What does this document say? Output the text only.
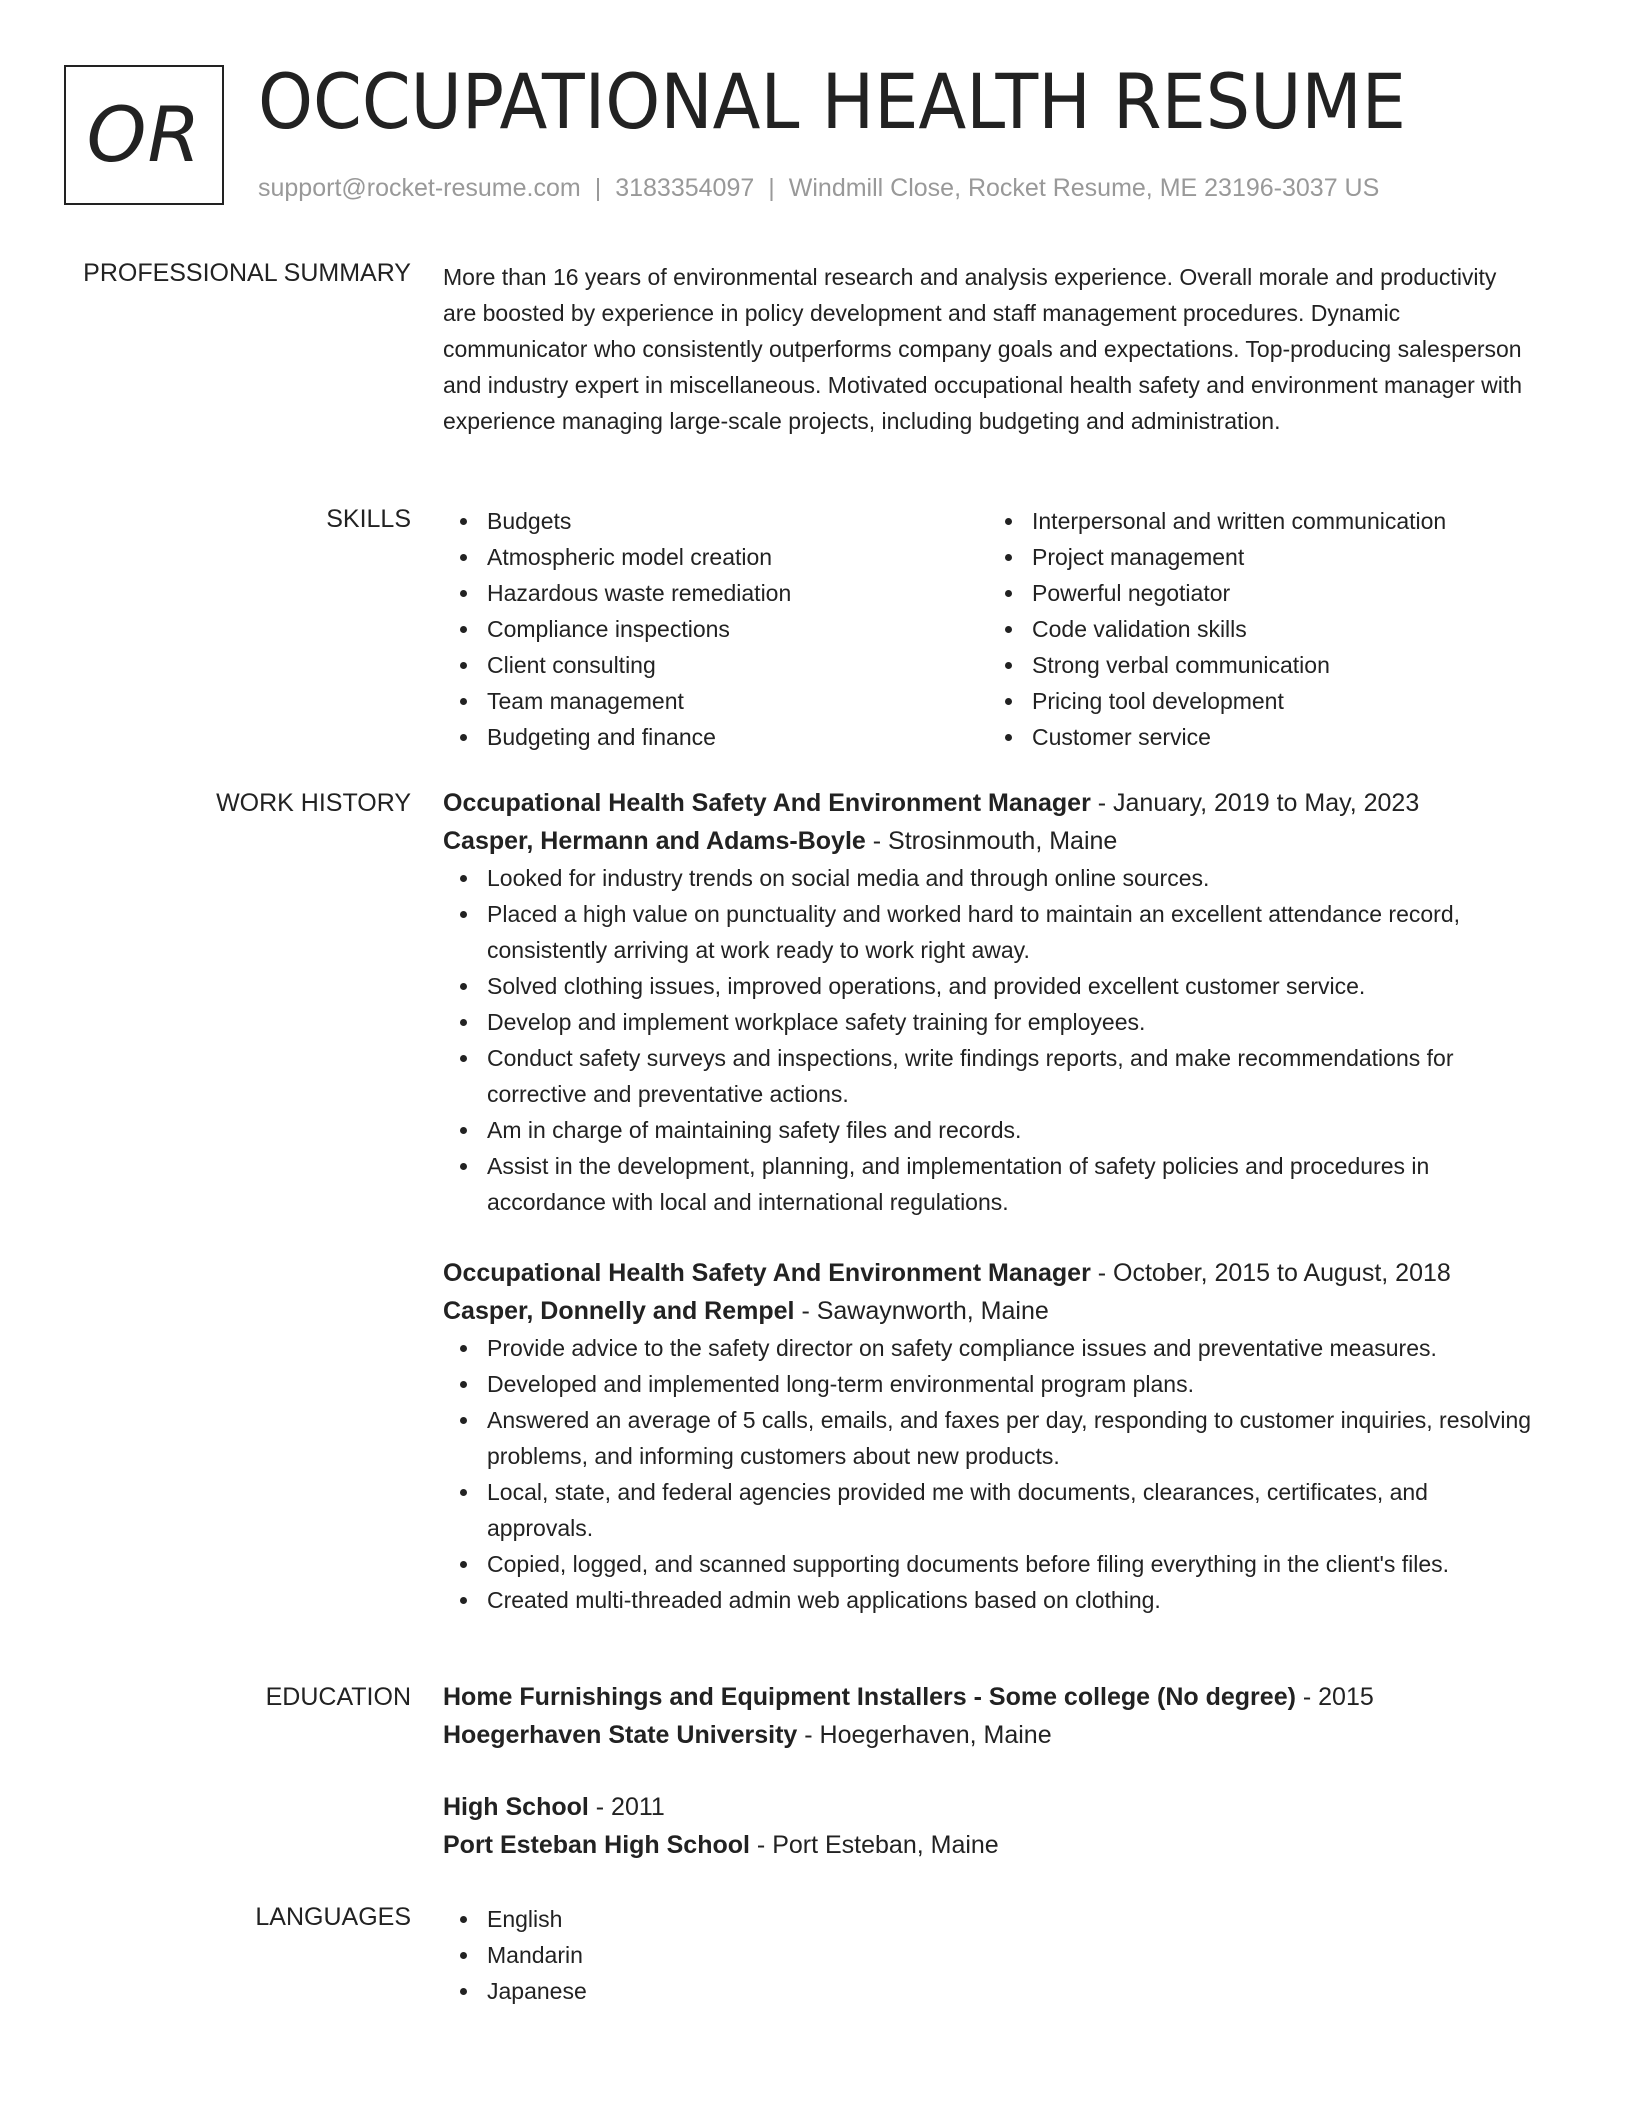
OR OCCUPATIONAL HEALTH RESUME
support@rocket-resume.com | 3183354097 | Windmill Close, Rocket Resume, ME 23196-3037 US
PROFESSIONAL SUMMARY More than 16 years of environmental research and analysis experience. Overall morale and productivity are boosted by experience in policy development and staff management procedures. Dynamic communicator who consistently outperforms company goals and expectations. Top-producing salesperson and industry expert in miscellaneous. Motivated occupational health safety and environment manager with experience managing large-scale projects, including budgeting and administration.

SKILLS	Budgets
Atmospheric model creation
Hazardous waste remediation
Compliance inspections
Client consulting
Team management
Budgeting and finance
Interpersonal and written communication
Project management
Powerful negotiator
Code validation skills
Strong verbal communication
Pricing tool development
Customer service
WORK HISTORY Occupational Health Safety And Environment Manager - January, 2019 to May, 2023
Casper, Hermann and Adams-Boyle - Strosinmouth, Maine
Looked for industry trends on social media and through online sources.
Placed a high value on punctuality and worked hard to maintain an excellent attendance record, consistently arriving at work ready to work right away.
Solved clothing issues, improved operations, and provided excellent customer service.
Develop and implement workplace safety training for employees.
Conduct safety surveys and inspections, write findings reports, and make recommendations for corrective and preventative actions.
Am in charge of maintaining safety files and records.
Assist in the development, planning, and implementation of safety policies and procedures in accordance with local and international regulations.
Occupational Health Safety And Environment Manager - October, 2015 to August, 2018
Casper, Donnelly and Rempel - Sawaynworth, Maine
Provide advice to the safety director on safety compliance issues and preventative measures.
Developed and implemented long-term environmental program plans.
Answered an average of 5 calls, emails, and faxes per day, responding to customer inquiries, resolving problems, and informing customers about new products.
Local, state, and federal agencies provided me with documents, clearances, certificates, and approvals.
Copied, logged, and scanned supporting documents before filing everything in the client's files.
Created multi-threaded admin web applications based on clothing.
EDUCATION Home Furnishings and Equipment Installers - Some college (No degree) - 2015
Hoegerhaven State University - Hoegerhaven, Maine
High School - 2011
Port Esteban High School - Port Esteban, Maine
LANGUAGES	English
Mandarin
Japanese
